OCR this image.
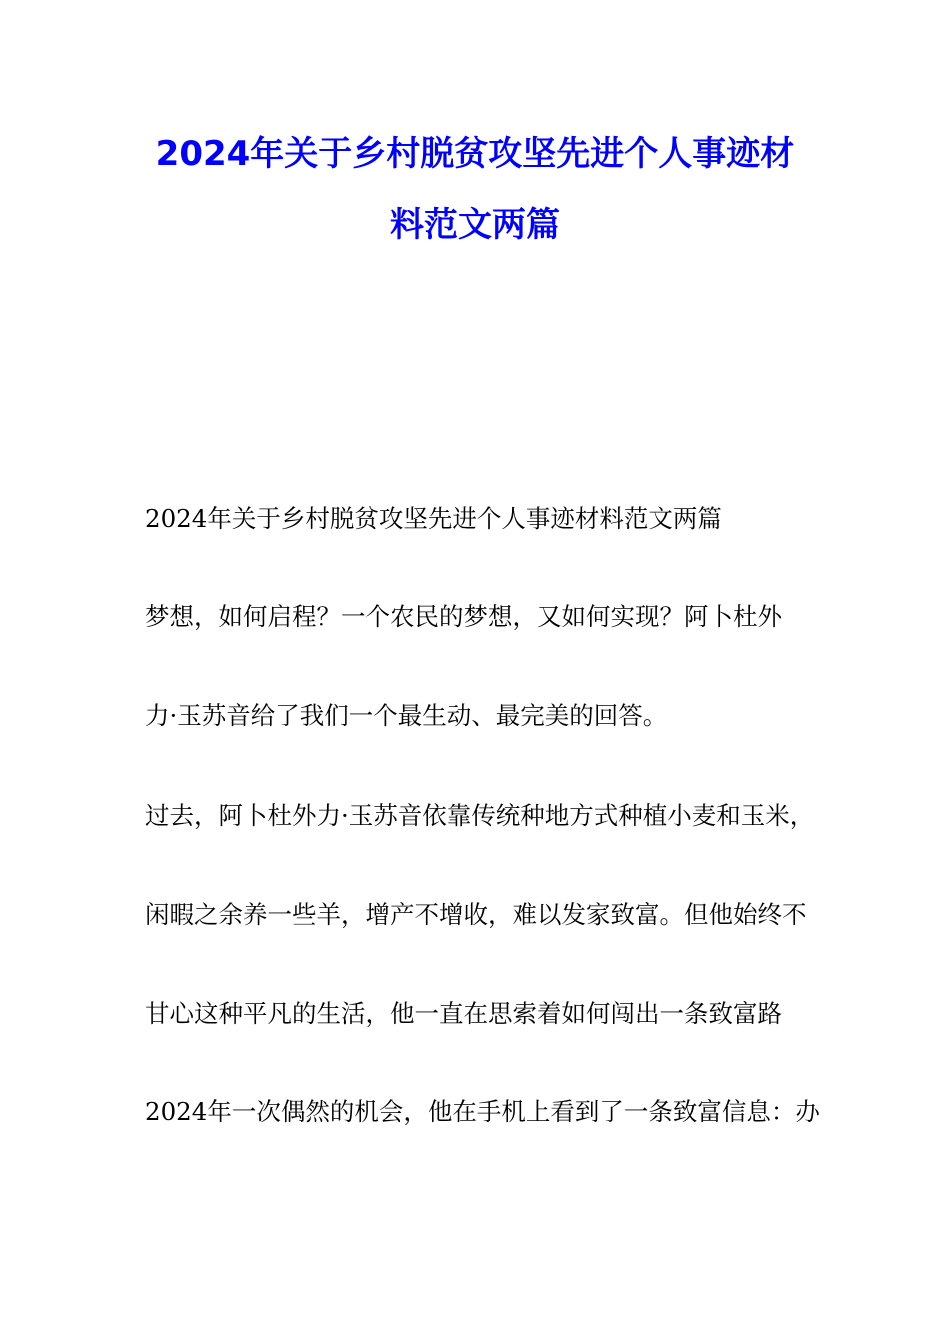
2024年关于乡村脱贫攻坚先进个人事迹材
料范文两篇
2024年关于乡村脱贫攻坚先进个人事迹材料范文两篇
梦想，如何启程？一个农民的梦想，又如何实现？阿卜杜外
力·玉苏音给了我们一个最生动、最完美的回答。
过去，阿卜杜外力·玉苏音依靠传统种地方式种植小麦和玉米，
闲暇之余养一些羊，增产不增收，难以发家致富。但他始终不
甘心这种平凡的生活，他一直在思索着如何闯出一条致富路
2024年一次偶然的机会，他在手机上看到了一条致富信息：办
